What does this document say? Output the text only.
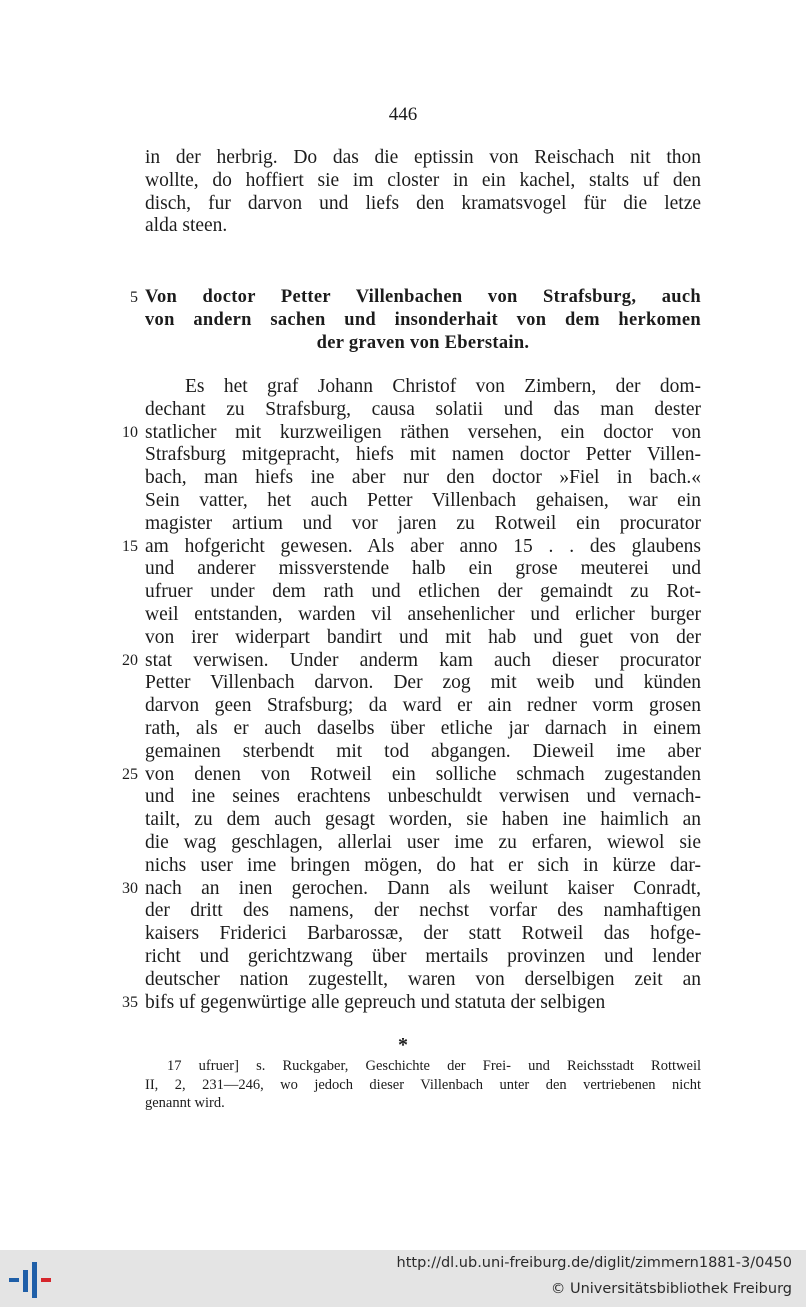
446
in der herbrig. Do das die eptissin von Reischach nit thon
wollte, do hoffiert sie im closter in ein kachel, stalts uf den
disch, fur darvon und liefs den kramatsvogel für die letze
alda steen.
5 Von doctor Petter Villenbachen von Strafsburg, auch
von andern sachen und insonderhait von dem herkomen
der graven von Eberstain.
Es het graf Johann Christof von Zimbern, der dom-
dechant zu Strafsburg, causa solatii und das man dester
statlicher mit kurzweiligen räthen versehen, ein doctor von
Strafsburg mitgepracht, hiefs mit namen doctor Petter Villen-
bach, man hiefs ine aber nur den doctor »Fiel in bach.«
Sein vatter, het auch Petter Villenbach gehaisen, war ein
magister artium und vor jaren zu Rotweil ein procurator
am hofgericht gewesen. Als aber anno 15 . . des glaubens
und anderer missverstende halb ein grose meuterei und
ufruer under dem rath und etlichen der gemaindt zu Rot-
weil entstanden, warden vil ansehenlicher und erlicher burger
von irer widerpart bandirt und mit hab und guet von der
stat verwisen. Under anderm kam auch dieser procurator
Petter Villenbach darvon. Der zog mit weib und künden
darvon geen Strafsburg; da ward er ain redner vorm grosen
rath, als er auch daselbs über etliche jar darnach in einem
gemainen sterbendt mit tod abgangen. Dieweil ime aber
von denen von Rotweil ein solliche schmach zugestanden
und ine seines erachtens unbeschuldt verwisen und vernach-
tailt, zu dem auch gesagt worden, sie haben ine haimlich an
die wag geschlagen, allerlai user ime zu erfaren, wiewol sie
nichs user ime bringen mögen, do hat er sich in kürze dar-
nach an inen gerochen. Dann als weilunt kaiser Conradt,
der dritt des namens, der nechst vorfar des namhaftigen
kaisers Friderici Barbarossæ, der statt Rotweil das hofge-
richt und gerichtzwang über mertails provinzen und lender
deutscher nation zugestellt, waren von derselbigen zeit an
bifs uf gegenwürtige alle gepreuch und statuta der selbigen
10
15
20
25
30
35
*
17 ufruer] s. Ruckgaber, Geschichte der Frei- und Reichsstadt Rottweil
II, 2, 231—246, wo jedoch dieser Villenbach unter den vertriebenen nicht
genannt wird.
http://dl.ub.uni-freiburg.de/diglit/zimmern1881-3/0450
© Universitätsbibliothek Freiburg
